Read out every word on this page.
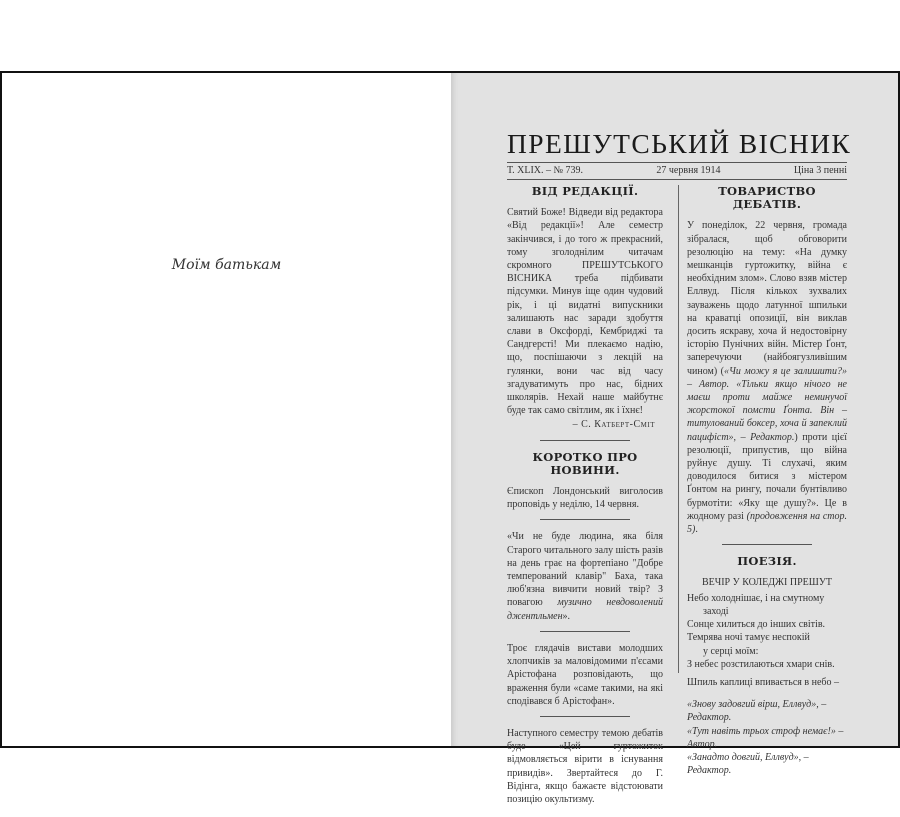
Моїм батькам
ПРЕШУТСЬКИЙ ВІСНИК
Т. XLIX. – № 739.	27 червня 1914	Ціна 3 пенні
ВІД РЕДАКЦІЇ.

Святий Боже! Відведи від редактора «Від редакції»! Але семестр закінчився, і до того ж прекрасний, тому зголоднілим читачам скромного ПРЕШУТСЬКОГО ВІСНИКА треба підбивати підсумки. Минув іще один чудовий рік, і ці видатні випускники залишають нас заради здобуття слави в Оксфорді, Кембриджі та Сандгерсті! Ми плекаємо надію, що, поспішаючи з лекцій на гулянки, вони час від часу згадуватимуть про нас, бідних школярів. Нехай наше майбутнє буде так само світлим, як і їхнє!

– С. Катберт-Сміт
КОРОТКО ПРО НОВИНИ.

Єпископ Лондонський виголосив проповідь у неділю, 14 червня.

«Чи не буде людина, яка біля Старого читального залу шість разів на день грає на фортепіано "Добре темперований клавір" Баха, така люб'язна вивчити новий твір? З повагою музично невдоволений джентльмен».

Троє глядачів вистави молодших хлопчиків за маловідомими п'єсами Арістофана розповідають, що враження були «саме такими, на які сподівався б Арістофан».

Наступного семестру темою дебатів буде «Цей гуртожиток відмовляється вірити в існування привидів». Звертайтеся до Г. Відінга, якщо бажаєте відстоювати позицію окультизму.

ТОВАРИСТВО ДЕБАТІВ.

У понеділок, 22 червня, громада зібралася, щоб обговорити резолюцію на тему: «На думку мешканців гуртожитку, війна є необхідним злом». Слово взяв містер Еллвуд. Після кількох зухвалих зауважень щодо латунної шпильки на краватці опозиції, він виклав досить яскраву, хоча й недостовірну історію Пунічних війн. Містер Ґонт, заперечуючи (найбоягузливішим чином) («Чи можу я це залишити?» – Автор. «Тільки якщо нічого не маєш проти майже неминучої жорстокої помсти Ґонта. Він – титулований боксер, хоча й запеклий пацифіст», – Редактор.) проти цієї резолюції, припустив, що війна руйнує душу. Ті слухачі, яким доводилося битися з містером Ґонтом на рингу, почали бунтівливо бурмотіти: «Яку ще душу?». Це в жодному разі (продовження на стор. 5).

ПОЕЗІЯ.
ВЕЧІР У КОЛЕДЖІ ПРЕШУТ

Небо холоднішає, і на смутному

заході

Сонце хилиться до інших світів.

Темрява ночі тамує неспокій

у серці моїм:

З небес розстилаються хмари снів.

Шпиль каплиці впивається в небо –

«Знову задовгий вірш, Еллвуд», – Редактор.

«Тут навіть трьох строф немає!» – Автор.

«Занадто довгий, Еллвуд», – Редактор.
